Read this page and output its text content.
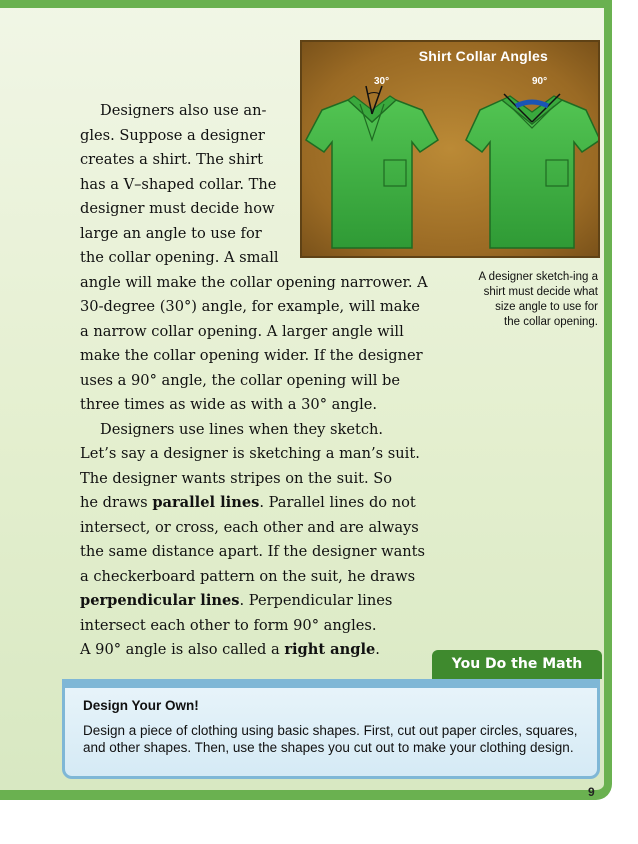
Shirt Collar Angles
30°	90°
A designer sketch-ing a shirt must decide what size angle to use for the collar opening.
Designers also use an-
gles. Suppose a designer
creates a shirt. The shirt
has a V–shaped collar. The
designer must decide how
large an angle to use for
the collar opening. A small
angle will make the collar opening narrower. A
30-degree (30°) angle, for example, will make
a narrow collar opening. A larger angle will
make the collar opening wider. If the designer
uses a 90° angle, the collar opening will be
three times as wide as with a 30° angle.
Designers use lines when they sketch.
Let’s say a designer is sketching a man’s suit.
The designer wants stripes on the suit. So
he draws parallel lines. Parallel lines do not
intersect, or cross, each other and are always
the same distance apart. If the designer wants
a checkerboard pattern on the suit, he draws
perpendicular lines. Perpendicular lines
intersect each other to form 90° angles.
A 90° angle is also called a right angle.
You Do the Math
Design Your Own!
Design a piece of clothing using basic shapes. First, cut out paper circles, squares, and other shapes. Then, use the shapes you cut out to make your clothing design.
9
